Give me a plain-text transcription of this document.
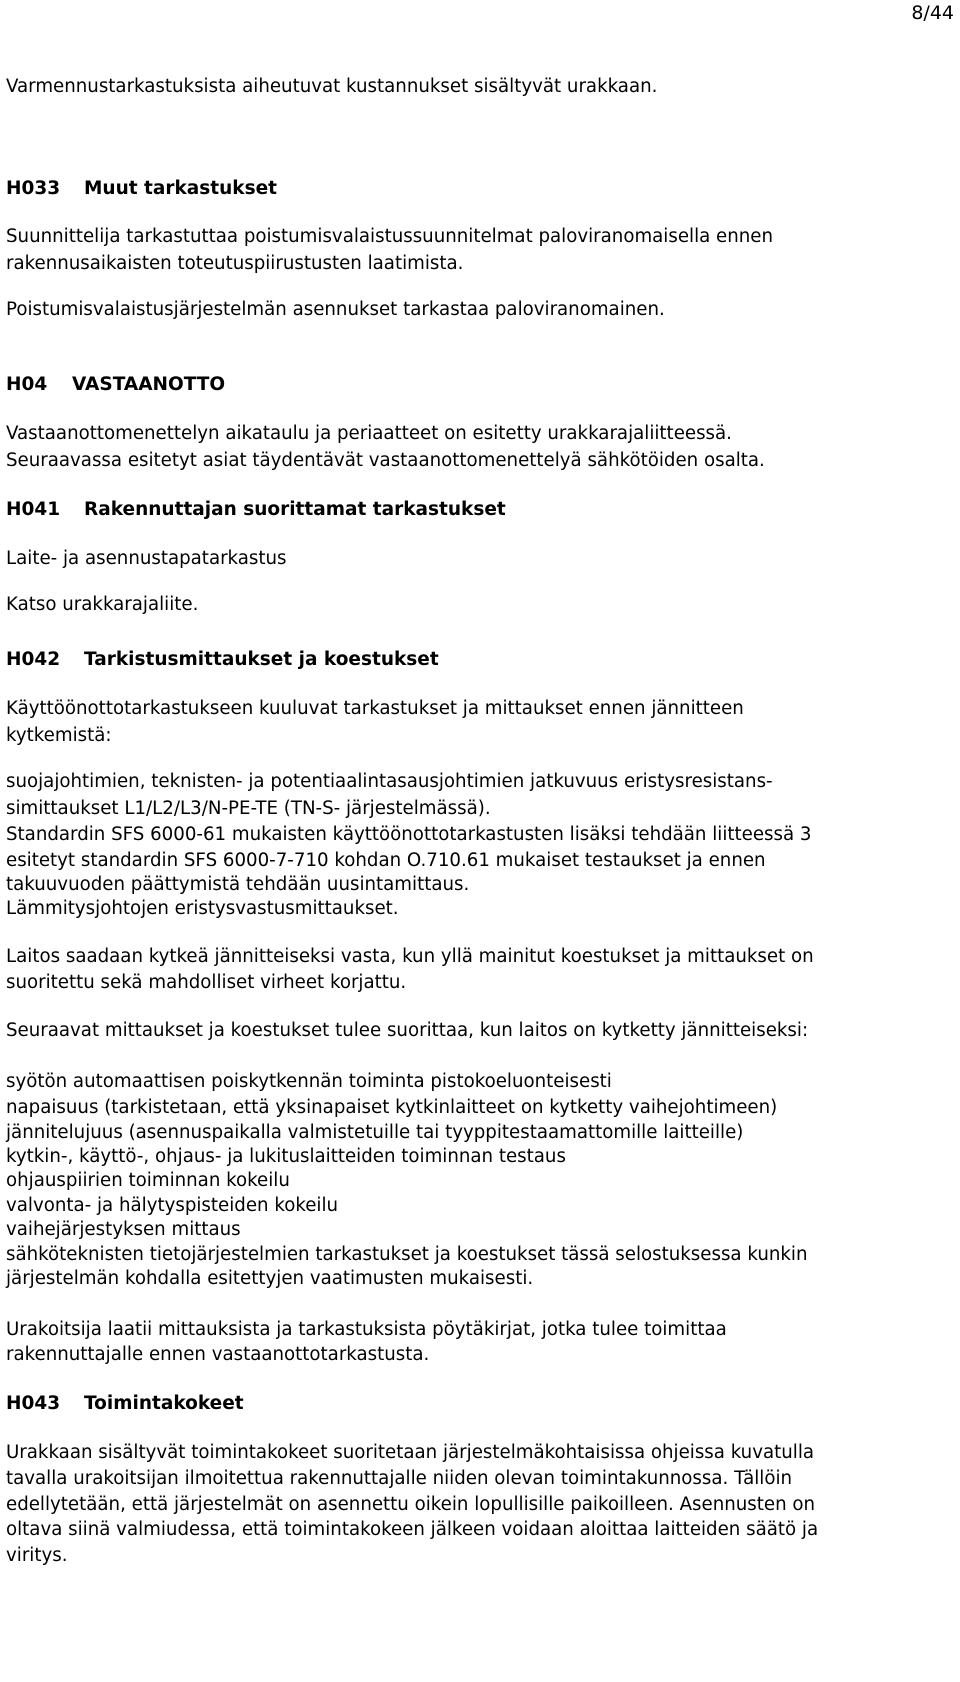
8/44
Varmennustarkastuksista aiheutuvat kustannukset sisältyvät urakkaan.
H033 Muut tarkastukset
Suunnittelija tarkastuttaa poistumisvalaistussuunnitelmat paloviranomaisella ennen
rakennusaikaisten toteutuspiirustusten laatimista.
Poistumisvalaistusjärjestelmän asennukset tarkastaa paloviranomainen.
H04 VASTAANOTTO
Vastaanottomenettelyn aikataulu ja periaatteet on esitetty urakkarajaliitteessä.
Seuraavassa esitetyt asiat täydentävät vastaanottomenettelyä sähkötöiden osalta.
H041 Rakennuttajan suorittamat tarkastukset
Laite- ja asennustapatarkastus
Katso urakkarajaliite.
H042 Tarkistusmittaukset ja koestukset
Käyttöönottotarkastukseen kuuluvat tarkastukset ja mittaukset ennen jännitteen
kytkemistä:
suojajohtimien, teknisten- ja potentiaalintasausjohtimien jatkuvuus eristysresistans-
simittaukset L1/L2/L3/N-PE-TE (TN-S- järjestelmässä).
Standardin SFS 6000-61 mukaisten käyttöönottotarkastusten lisäksi tehdään liitteessä 3
esitetyt standardin SFS 6000-7-710 kohdan O.710.61 mukaiset testaukset ja ennen
takuuvuoden päättymistä tehdään uusintamittaus.
Lämmitysjohtojen eristysvastusmittaukset.
Laitos saadaan kytkeä jännitteiseksi vasta, kun yllä mainitut koestukset ja mittaukset on
suoritettu sekä mahdolliset virheet korjattu.
Seuraavat mittaukset ja koestukset tulee suorittaa, kun laitos on kytketty jännitteiseksi:
syötön automaattisen poiskytkennän toiminta pistokoeluonteisesti
napaisuus (tarkistetaan, että yksinapaiset kytkinlaitteet on kytketty vaihejohtimeen)
jännitelujuus (asennuspaikalla valmistetuille tai tyyppitestaamattomille laitteille)
kytkin-, käyttö-, ohjaus- ja lukituslaitteiden toiminnan testaus
ohjauspiirien toiminnan kokeilu
valvonta- ja hälytyspisteiden kokeilu
vaihejärjestyksen mittaus
sähköteknisten tietojärjestelmien tarkastukset ja koestukset tässä selostuksessa kunkin
järjestelmän kohdalla esitettyjen vaatimusten mukaisesti.
Urakoitsija laatii mittauksista ja tarkastuksista pöytäkirjat, jotka tulee toimittaa
rakennuttajalle ennen vastaanottotarkastusta.
H043 Toimintakokeet
Urakkaan sisältyvät toimintakokeet suoritetaan järjestelmäkohtaisissa ohjeissa kuvatulla
tavalla urakoitsijan ilmoitettua rakennuttajalle niiden olevan toimintakunnossa. Tällöin
edellytetään, että järjestelmät on asennettu oikein lopullisille paikoilleen. Asennusten on
oltava siinä valmiudessa, että toimintakokeen jälkeen voidaan aloittaa laitteiden säätö ja
viritys.
